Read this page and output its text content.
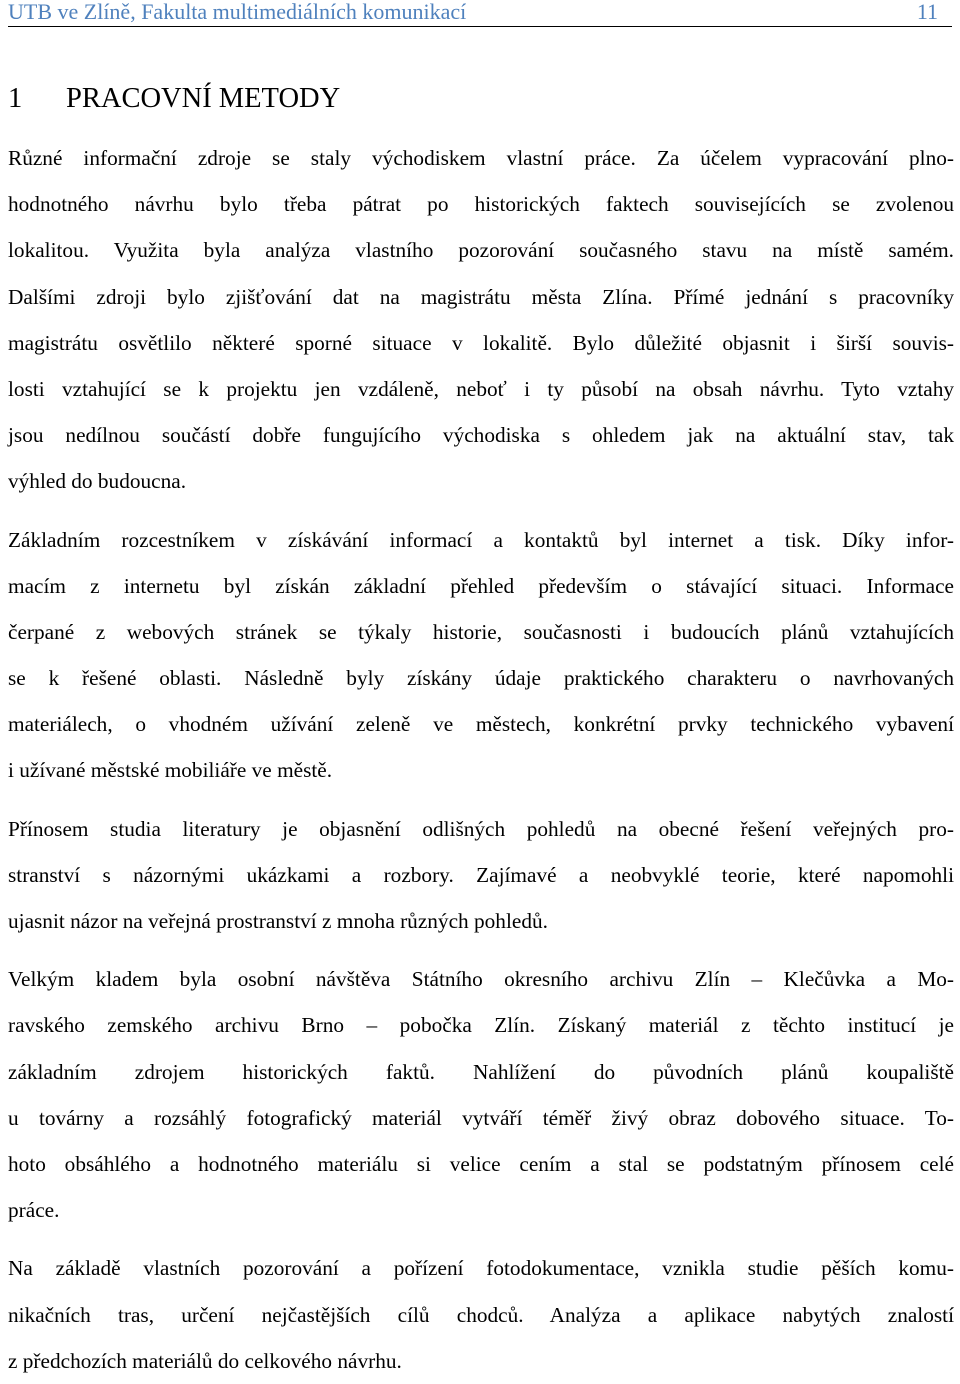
UTB ve Zlíně, Fakulta multimediálních komunikací	11
1 PRACOVNÍ METODY
Různé informační zdroje se staly východiskem vlastní práce. Za účelem vypracování plno-
hodnotného návrhu bylo třeba pátrat po historických faktech souvisejících se zvolenou
lokalitou. Využita byla analýza vlastního pozorování současného stavu na místě samém.
Dalšími zdroji bylo zjišťování dat na magistrátu města Zlína. Přímé jednání s pracovníky
magistrátu osvětlilo některé sporné situace v lokalitě. Bylo důležité objasnit i širší souvis-
losti vztahující se k projektu jen vzdáleně, neboť i ty působí na obsah návrhu. Tyto vztahy
jsou nedílnou součástí dobře fungujícího východiska s ohledem jak na aktuální stav, tak
výhled do budoucna.
Základním rozcestníkem v získávání informací a kontaktů byl internet a tisk. Díky infor-
macím z internetu byl získán základní přehled především o stávající situaci. Informace
čerpané z webových stránek se týkaly historie, současnosti i budoucích plánů vztahujících
se k řešené oblasti. Následně byly získány údaje praktického charakteru o navrhovaných
materiálech, o vhodném užívání zeleně ve městech, konkrétní prvky technického vybavení
i užívané městské mobiliáře ve městě.
Přínosem studia literatury je objasnění odlišných pohledů na obecné řešení veřejných pro-
stranství s názornými ukázkami a rozbory. Zajímavé a neobvyklé teorie, které napomohli
ujasnit názor na veřejná prostranství z mnoha různých pohledů.
Velkým kladem byla osobní návštěva Státního okresního archivu Zlín – Klečůvka a Mo-
ravského zemského archivu Brno – pobočka Zlín. Získaný materiál z těchto institucí je
základním zdrojem historických faktů. Nahlížení do původních plánů koupaliště
u továrny a rozsáhlý fotografický materiál vytváří téměř živý obraz dobového situace. To-
hoto obsáhlého a hodnotného materiálu si velice cením a stal se podstatným přínosem celé
práce.
Na základě vlastních pozorování a pořízení fotodokumentace, vznikla studie pěších komu-
nikačních tras, určení nejčastějších cílů chodců. Analýza a aplikace nabytých znalostí
z předchozích materiálů do celkového návrhu.
